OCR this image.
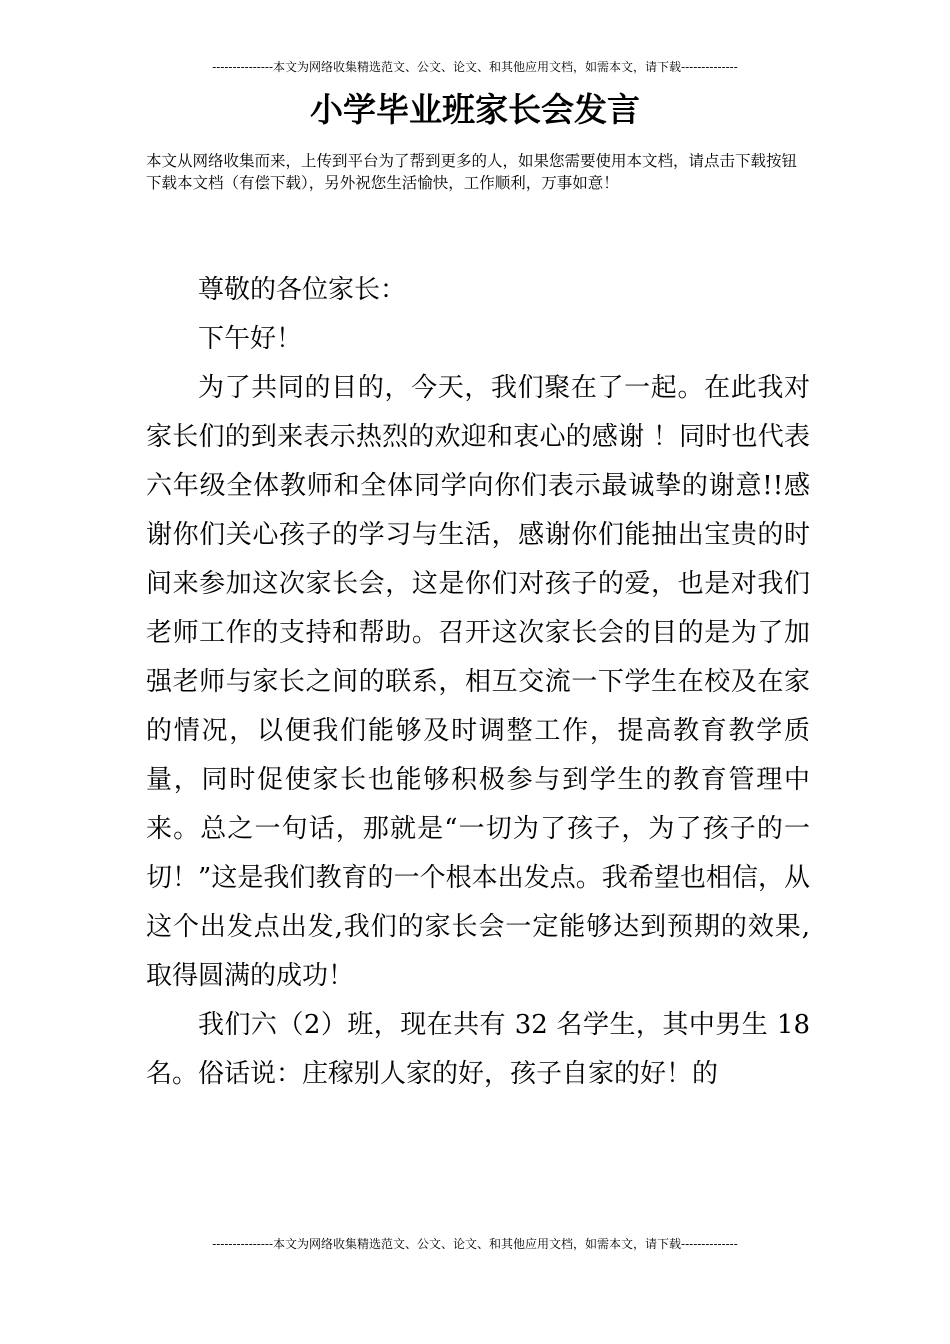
---------------本文为网络收集精选范文、公文、论文、和其他应用文档，如需本文，请下载--------------
小学毕业班家长会发言

本文从网络收集而来，上传到平台为了帮到更多的人，如果您需要使用本文档，请点击下载按钮下载本文档（有偿下载），另外祝您生活愉快，工作顺利，万事如意！

尊敬的各位家长：

下午好！

为了共同的目的，今天，我们聚在了一起。在此我对家长们的到来表示热烈的欢迎和衷心的感谢 ！同时也代表六年级全体教师和全体同学向你们表示最诚挚的谢意!!感谢你们关心孩子的学习与生活，感谢你们能抽出宝贵的时间来参加这次家长会，这是你们对孩子的爱，也是对我们老师工作的支持和帮助。召开这次家长会的目的是为了加强老师与家长之间的联系，相互交流一下学生在校及在家的情况，以便我们能够及时调整工作，提高教育教学质量，同时促使家长也能够积极参与到学生的教育管理中来。总之一句话，那就是“一切为了孩子，为了孩子的一切！”这是我们教育的一个根本出发点。我希望也相信，从这个出发点出发,我们的家长会一定能够达到预期的效果,取得圆满的成功！

我们六（2）班，现在共有 32 名学生，其中男生 18 名。俗话说：庄稼别人家的好，孩子自家的好！的

---------------本文为网络收集精选范文、公文、论文、和其他应用文档，如需本文，请下载--------------
